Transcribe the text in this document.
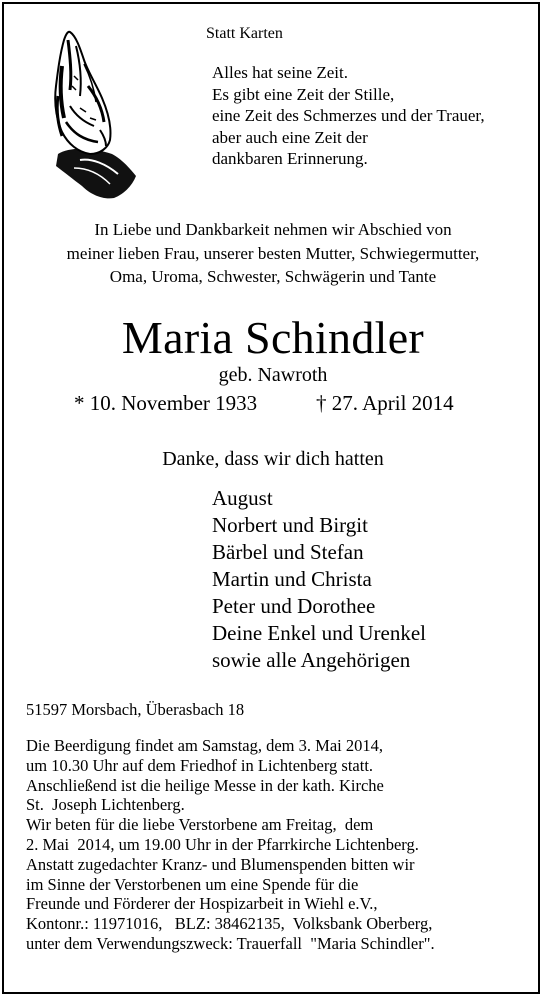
Statt Karten
Alles hat seine Zeit.
Es gibt eine Zeit der Stille,
eine Zeit des Schmerzes und der Trauer,
aber auch eine Zeit der
dankbaren Erinnerung.
In Liebe und Dankbarkeit nehmen wir Abschied von
meiner lieben Frau, unserer besten Mutter, Schwiegermutter,
Oma, Uroma, Schwester, Schwägerin und Tante
Maria Schindler
geb. Nawroth
* 10. November 1933	† 27. April 2014
Danke, dass wir dich hatten
August
Norbert und Birgit
Bärbel und Stefan
Martin und Christa
Peter und Dorothee
Deine Enkel und Urenkel
sowie alle Angehörigen
51597 Morsbach, Überasbach 18
Die Beerdigung findet am Samstag, dem 3. Mai 2014,
um 10.30 Uhr auf dem Friedhof in Lichtenberg statt.
Anschließend ist die heilige Messe in der kath. Kirche
St.  Joseph Lichtenberg.
Wir beten für die liebe Verstorbene am Freitag,  dem
2. Mai  2014, um 19.00 Uhr in der Pfarrkirche Lichtenberg.
Anstatt zugedachter Kranz- und Blumenspenden bitten wir
im Sinne der Verstorbenen um eine Spende für die
Freunde und Förderer der Hospizarbeit in Wiehl e.V.,
Kontonr.: 11971016,   BLZ: 38462135,  Volksbank Oberberg,
unter dem Verwendungszweck: Trauerfall  "Maria Schindler".
